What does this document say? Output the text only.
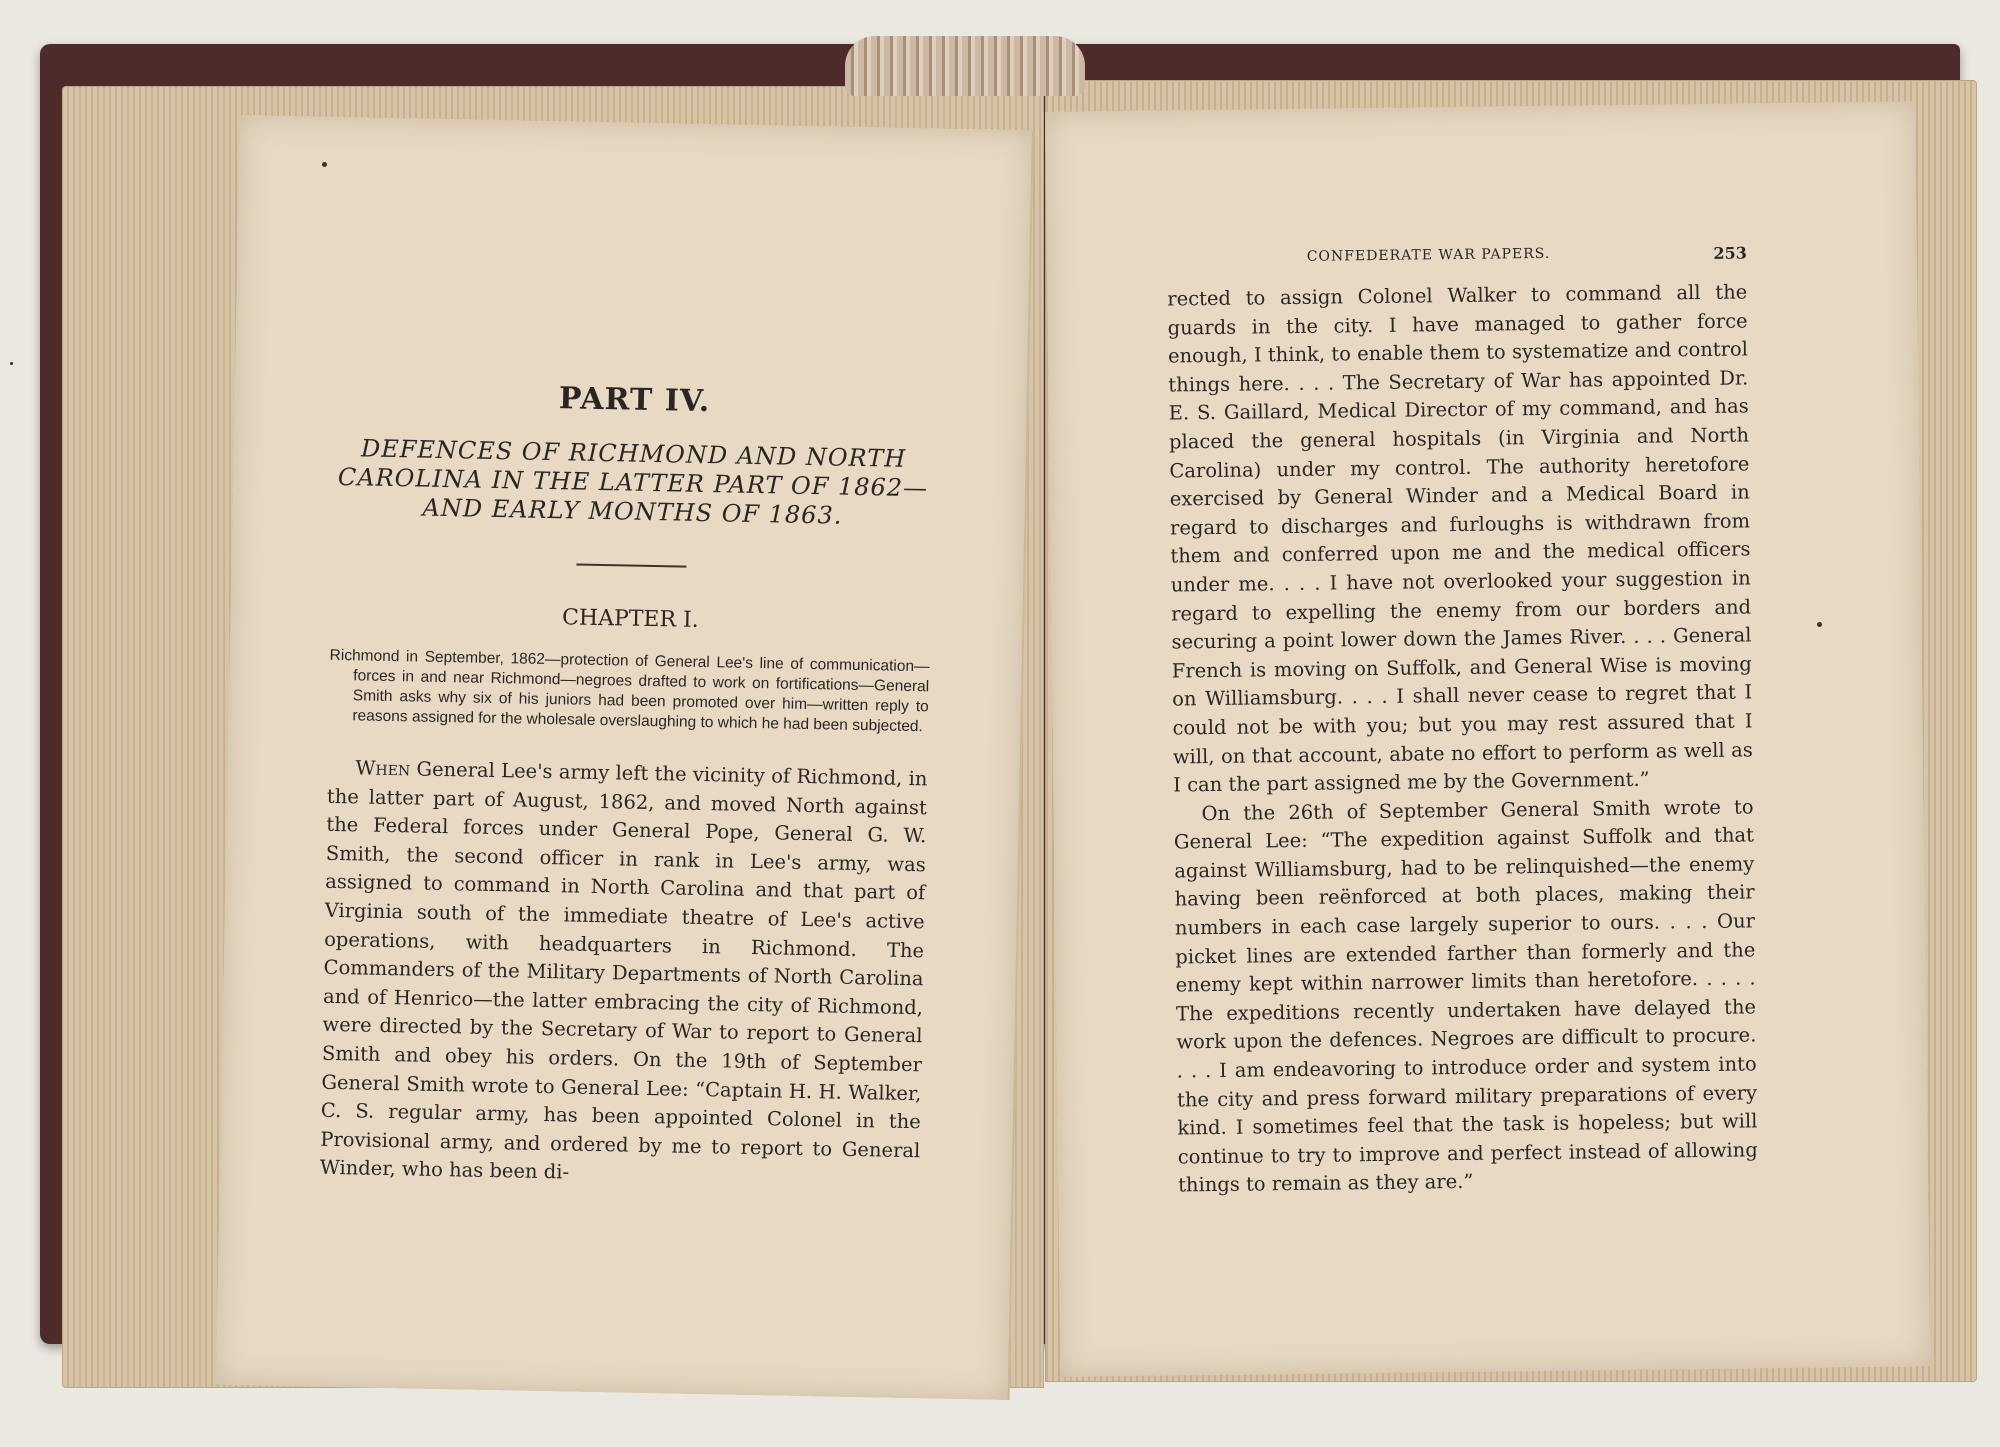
PART IV.
DEFENCES OF RICHMOND AND NORTH CAROLINA IN THE LATTER PART OF 1862—AND EARLY MONTHS OF 1863.
CHAPTER I.

Richmond in September, 1862—protection of General Lee's line of communication—forces in and near Richmond—negroes drafted to work on fortifications—General Smith asks why six of his juniors had been promoted over him—written reply to reasons assigned for the wholesale overslaughing to which he had been subjected.

When General Lee's army left the vicinity of Richmond, in the latter part of August, 1862, and moved North against the Federal forces under General Pope, General G. W. Smith, the second officer in rank in Lee's army, was assigned to command in North Carolina and that part of Virginia south of the immediate theatre of Lee's active operations, with headquarters in Richmond. The Commanders of the Military Departments of North Carolina and of Henrico—the latter embracing the city of Richmond, were directed by the Secretary of War to report to General Smith and obey his orders. On the 19th of September General Smith wrote to General Lee: “Captain H. H. Walker, C. S. regular army, has been appointed Colonel in the Provisional army, and ordered by me to report to General Winder, who has been di-

CONFEDERATE WAR PAPERS.	253

rected to assign Colonel Walker to command all the guards in the city. I have managed to gather force enough, I think, to enable them to systematize and control things here. . . . The Secretary of War has appointed Dr. E. S. Gaillard, Medical Director of my command, and has placed the general hospitals (in Virginia and North Carolina) under my control. The authority heretofore exercised by General Winder and a Medical Board in regard to discharges and furloughs is withdrawn from them and conferred upon me and the medical officers under me. . . . I have not overlooked your suggestion in regard to expelling the enemy from our borders and securing a point lower down the James River. . . . General French is moving on Suffolk, and General Wise is moving on Williamsburg. . . . I shall never cease to regret that I could not be with you; but you may rest assured that I will, on that account, abate no effort to perform as well as I can the part assigned me by the Government.”

On the 26th of September General Smith wrote to General Lee: “The expedition against Suffolk and that against Williamsburg, had to be relinquished—the enemy having been reënforced at both places, making their numbers in each case largely superior to ours. . . . Our picket lines are extended farther than formerly and the enemy kept within narrower limits than heretofore. . . . . The expeditions recently undertaken have delayed the work upon the defences. Negroes are difficult to procure. . . . I am endeavoring to introduce order and system into the city and press forward military preparations of every kind. I sometimes feel that the task is hopeless; but will continue to try to improve and perfect instead of allowing things to remain as they are.”
